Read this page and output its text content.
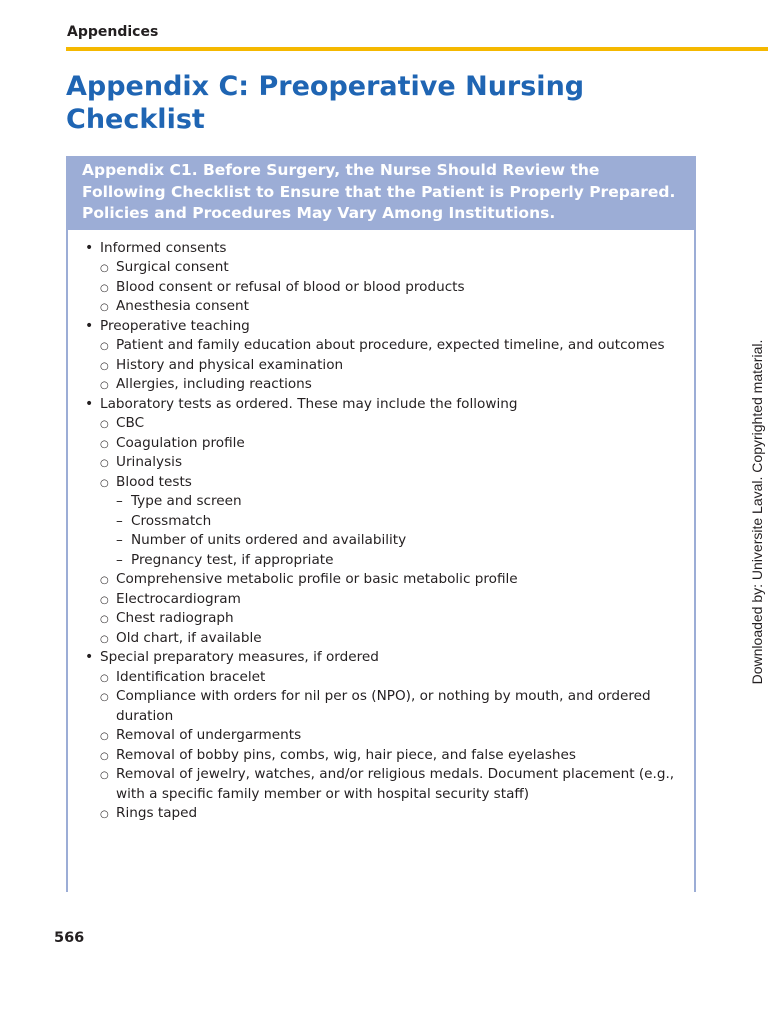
Appendices
Appendix C: Preoperative Nursing Checklist
Appendix C1. Before Surgery, the Nurse Should Review the Following Checklist to Ensure that the Patient is Properly Prepared. Policies and Procedures May Vary Among Institutions.
• Informed consents
○ Surgical consent
○ Blood consent or refusal of blood or blood products
○ Anesthesia consent
• Preoperative teaching
○ Patient and family education about procedure, expected timeline, and outcomes
○ History and physical examination
○ Allergies, including reactions
• Laboratory tests as ordered. These may include the following
○ CBC
○ Coagulation profile
○ Urinalysis
○ Blood tests
– Type and screen
– Crossmatch
– Number of units ordered and availability
– Pregnancy test, if appropriate
○ Comprehensive metabolic profile or basic metabolic profile
○ Electrocardiogram
○ Chest radiograph
○ Old chart, if available
• Special preparatory measures, if ordered
○ Identification bracelet
○ Compliance with orders for nil per os (NPO), or nothing by mouth, and ordered duration
○ Removal of undergarments
○ Removal of bobby pins, combs, wig, hair piece, and false eyelashes
○ Removal of jewelry, watches, and/or religious medals. Document placement (e.g., with a specific family member or with hospital security staff)
○ Rings taped
Downloaded by: Universite Laval. Copyrighted material.
566
